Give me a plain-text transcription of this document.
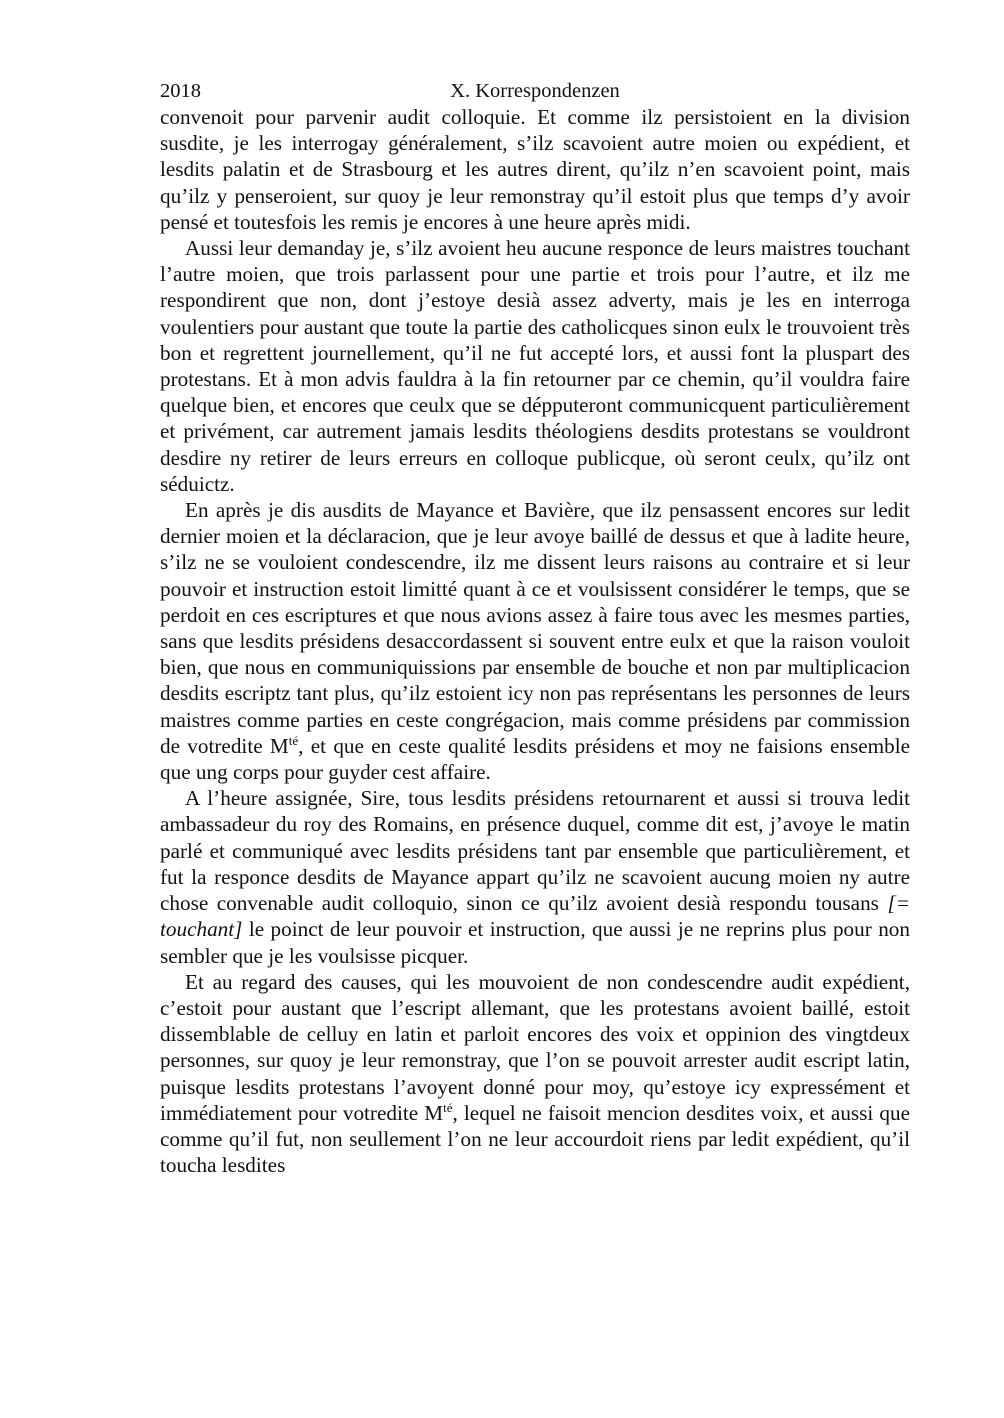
2018	X. Korrespondenzen

convenoit pour parvenir audit colloquie. Et comme ilz persistoient en la division susdite, je les interrogay généralement, s’ilz scavoient autre moien ou expédient, et lesdits palatin et de Strasbourg et les autres dirent, qu’ilz n’en scavoient point, mais qu’ilz y penseroient, sur quoy je leur remonstray qu’il estoit plus que temps d’y avoir pensé et toutesfois les remis je encores à une heure après midi.

Aussi leur demanday je, s’ilz avoient heu aucune responce de leurs maistres touchant l’autre moien, que trois parlassent pour une partie et trois pour l’autre, et ilz me respondirent que non, dont j’estoye desià assez adverty, mais je les en interroga voulentiers pour austant que toute la partie des catholicques sinon eulx le trouvoient très bon et regrettent journellement, qu’il ne fut accepté lors, et aussi font la pluspart des protestans. Et à mon advis fauldra à la fin retourner par ce chemin, qu’il vouldra faire quelque bien, et encores que ceulx que se dépputeront communicquent particulièrement et privément, car autrement jamais lesdits théologiens desdits protestans se vouldront desdire ny retirer de leurs erreurs en colloque publicque, où seront ceulx, qu’ilz ont séduictz.

En après je dis ausdits de Mayance et Bavière, que ilz pensassent encores sur ledit dernier moien et la déclaracion, que je leur avoye baillé de dessus et que à ladite heure, s’ilz ne se vouloient condescendre, ilz me dissent leurs raisons au contraire et si leur pouvoir et instruction estoit limitté quant à ce et voulsissent considérer le temps, que se perdoit en ces escriptures et que nous avions assez à faire tous avec les mesmes parties, sans que lesdits présidens desaccordassent si souvent entre eulx et que la raison vouloit bien, que nous en communiquissions par ensemble de bouche et non par multiplicacion desdits escriptz tant plus, qu’ilz estoient icy non pas représentans les personnes de leurs maistres comme parties en ceste congrégacion, mais comme présidens par commission de votredite $M^{té}$, et que en ceste qualité lesdits présidens et moy ne faisions ensemble que ung corps pour guyder cest affaire.

A l’heure assignée, Sire, tous lesdits présidens retournarent et aussi si trouva ledit ambassadeur du roy des Romains, en présence duquel, comme dit est, j’avoye le matin parlé et communiqué avec lesdits présidens tant par ensemble que particulièrement, et fut la responce desdits de Mayance appart qu’ilz ne scavoient aucung moien ny autre chose convenable audit colloquio, sinon ce qu’ilz avoient desià respondu tousans [= touchant] le poinct de leur pouvoir et instruction, que aussi je ne reprins plus pour non sembler que je les voulsisse picquer.

Et au regard des causes, qui les mouvoient de non condescendre audit expédient, c’estoit pour austant que l’escript allemant, que les protestans avoient baillé, estoit dissemblable de celluy en latin et parloit encores des voix et oppinion des vingtdeux personnes, sur quoy je leur remonstray, que l’on se pouvoit arrester audit escript latin, puisque lesdits protestans l’avoyent donné pour moy, qu’estoye icy expressément et immédiatement pour votredite $M^{té}$, lequel ne faisoit mencion desdites voix, et aussi que comme qu’il fut, non seullement l’on ne leur accourdoit riens par ledit expédient, qu’il toucha lesdites
